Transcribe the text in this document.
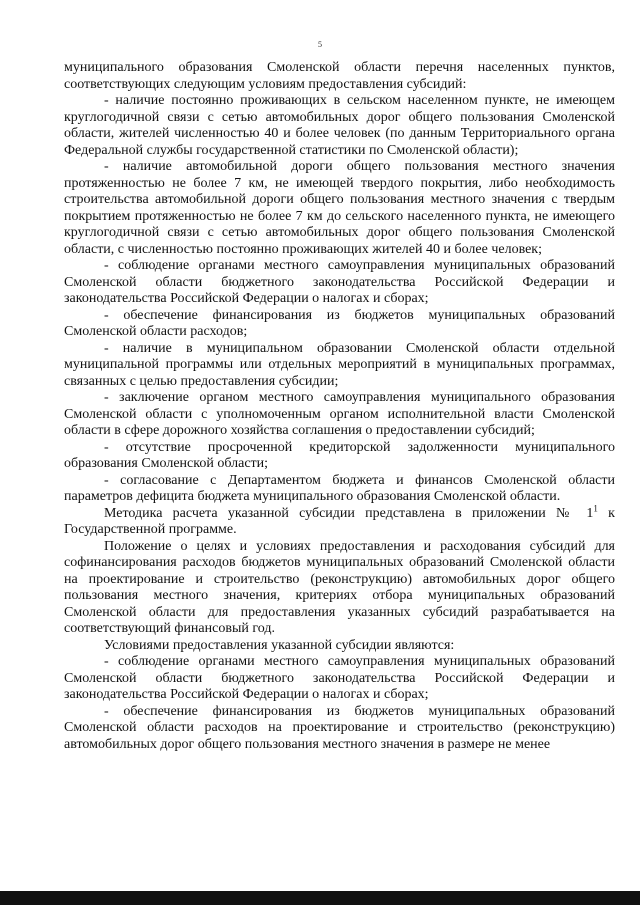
5

муниципального образования Смоленской области перечня населенных пунктов, соответствующих следующим условиям предоставления субсидий:

- наличие постоянно проживающих в сельском населенном пункте, не имеющем круглогодичной связи с сетью автомобильных дорог общего пользования Смоленской области, жителей численностью 40 и более человек (по данным Территориального органа Федеральной службы государственной статистики по Смоленской области);

- наличие автомобильной дороги общего пользования местного значения протяженностью не более 7 км, не имеющей твердого покрытия, либо необходимость строительства автомобильной дороги общего пользования местного значения с твердым покрытием протяженностью не более 7 км до сельского населенного пункта, не имеющего круглогодичной связи с сетью автомобильных дорог общего пользования Смоленской области, с численностью постоянно проживающих жителей 40 и более человек;

- соблюдение органами местного самоуправления муниципальных образований Смоленской области бюджетного законодательства Российской Федерации и законодательства Российской Федерации о налогах и сборах;

- обеспечение финансирования из бюджетов муниципальных образований Смоленской области расходов;

- наличие в муниципальном образовании Смоленской области отдельной муниципальной программы или отдельных мероприятий в муниципальных программах, связанных с целью предоставления субсидии;

- заключение органом местного самоуправления муниципального образования Смоленской области с уполномоченным органом исполнительной власти Смоленской области в сфере дорожного хозяйства соглашения о предоставлении субсидий;

- отсутствие просроченной кредиторской задолженности муниципального образования Смоленской области;

- согласование с Департаментом бюджета и финансов Смоленской области параметров дефицита бюджета муниципального образования Смоленской области.

Методика расчета указанной субсидии представлена в приложении № $1^1$ к Государственной программе.

Положение о целях и условиях предоставления и расходования субсидий для софинансирования расходов бюджетов муниципальных образований Смоленской области на проектирование и строительство (реконструкцию) автомобильных дорог общего пользования местного значения, критериях отбора муниципальных образований Смоленской области для предоставления указанных субсидий разрабатывается на соответствующий финансовый год.

Условиями предоставления указанной субсидии являются:

- соблюдение органами местного самоуправления муниципальных образований Смоленской области бюджетного законодательства Российской Федерации и законодательства Российской Федерации о налогах и сборах;

- обеспечение финансирования из бюджетов муниципальных образований Смоленской области расходов на проектирование и строительство (реконструкцию) автомобильных дорог общего пользования местного значения в размере не менее
